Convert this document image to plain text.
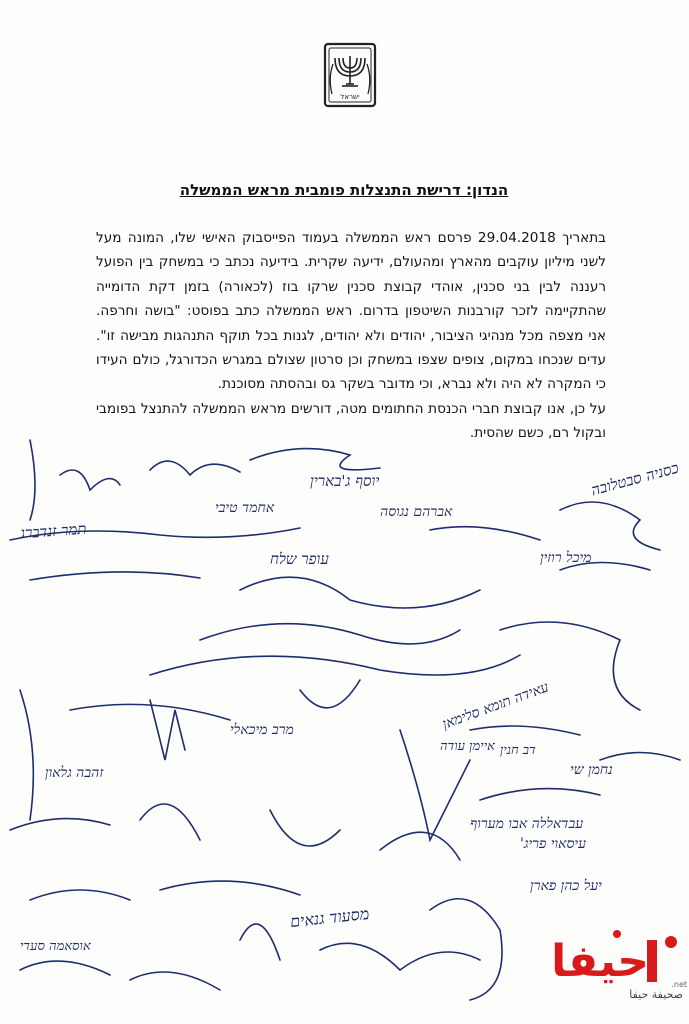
ישראל
הנדון: דרישת התנצלות פומבית מראש הממשלה

בתאריך 29.04.2018 פרסם ראש הממשלה בעמוד הפייסבוק האישי שלו, המונה מעל לשני מיליון עוקבים מהארץ ומהעולם, ידיעה שקרית. בידיעה נכתב כי במשחק בין הפועל רעננה לבין בני סכנין, אוהדי קבוצת סכנין שרקו בוז (לכאורה) בזמן דקת הדומייה שהתקיימה לזכר קורבנות השיטפון בדרום. ראש הממשלה כתב בפוסט: "בושה וחרפה. אני מצפה מכל מנהיגי הציבור, יהודים ולא יהודים, לגנות בכל תוקף התנהגות מבישה זו". עדים שנכחו במקום, צופים שצפו במשחק וכן סרטון שצולם במגרש הכדורגל, כולם העידו כי המקרה לא היה ולא נברא, וכי מדובר בשקר גס ובהסתה מסוכנת.

על כן, אנו קבוצת חברי הכנסת החתומים מטה, דורשים מראש הממשלה להתנצל בפומבי ובקול רם, כשם שהסית.

יוסף ג'בארין
אחמד טיבי	אברהם נגוסה
מיכל רוזין
תמר זנדברג
עופר שלח
מרב מיכאלי
זהבה גלאון
עאידה תומא סלימאן
איימן עודה דב חנין
עיסאוי פריג'
מסעוד גנאים
יעל כהן פארן
עבדאללה אבו מערוף
אוסאמה סעדי
כסניה סבטלובה
נחמן שי
حيفا
صحيفة حيفا
.net
